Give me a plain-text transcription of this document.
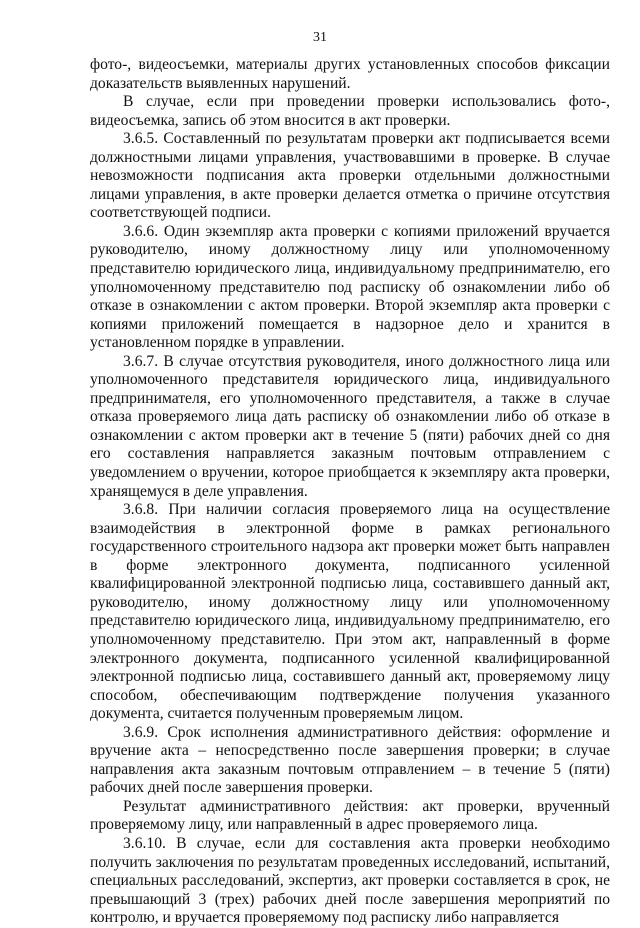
31

фото-, видеосъемки, материалы других установленных способов фиксации доказательств выявленных нарушений.

В случае, если при проведении проверки использовались фото-, видеосъемка, запись об этом вносится в акт проверки.

3.6.5. Составленный по результатам проверки акт подписывается всеми должностными лицами управления, участвовавшими в проверке. В случае невозможности подписания акта проверки отдельными должностными лицами управления, в акте проверки делается отметка о причине отсутствия соответствующей подписи.

3.6.6. Один экземпляр акта проверки с копиями приложений вручается руководителю, иному должностному лицу или уполномоченному представителю юридического лица, индивидуальному предпринимателю, его уполномоченному представителю под расписку об ознакомлении либо об отказе в ознакомлении с актом проверки. Второй экземпляр акта проверки с копиями приложений помещается в надзорное дело и хранится в установленном порядке в управлении.

3.6.7. В случае отсутствия руководителя, иного должностного лица или уполномоченного представителя юридического лица, индивидуального предпринимателя, его уполномоченного представителя, а также в случае отказа проверяемого лица дать расписку об ознакомлении либо об отказе в ознакомлении с актом проверки акт в течение 5 (пяти) рабочих дней со дня его составления направляется заказным почтовым отправлением с уведомлением о вручении, которое приобщается к экземпляру акта проверки, хранящемуся в деле управления.

3.6.8. При наличии согласия проверяемого лица на осуществление взаимодействия в электронной форме в рамках регионального государственного строительного надзора акт проверки может быть направлен в форме электронного документа, подписанного усиленной квалифицированной электронной подписью лица, составившего данный акт, руководителю, иному должностному лицу или уполномоченному представителю юридического лица, индивидуальному предпринимателю, его уполномоченному представителю. При этом акт, направленный в форме электронного документа, подписанного усиленной квалифицированной электронной подписью лица, составившего данный акт, проверяемому лицу способом, обеспечивающим подтверждение получения указанного документа, считается полученным проверяемым лицом.

3.6.9. Срок исполнения административного действия: оформление и вручение акта – непосредственно после завершения проверки; в случае направления акта заказным почтовым отправлением – в течение 5 (пяти) рабочих дней после завершения проверки.

Результат административного действия: акт проверки, врученный проверяемому лицу, или направленный в адрес проверяемого лица.

3.6.10. В случае, если для составления акта проверки необходимо получить заключения по результатам проведенных исследований, испытаний, специальных расследований, экспертиз, акт проверки составляется в срок, не превышающий 3 (трех) рабочих дней после завершения мероприятий по контролю, и вручается проверяемому под расписку либо направляется
